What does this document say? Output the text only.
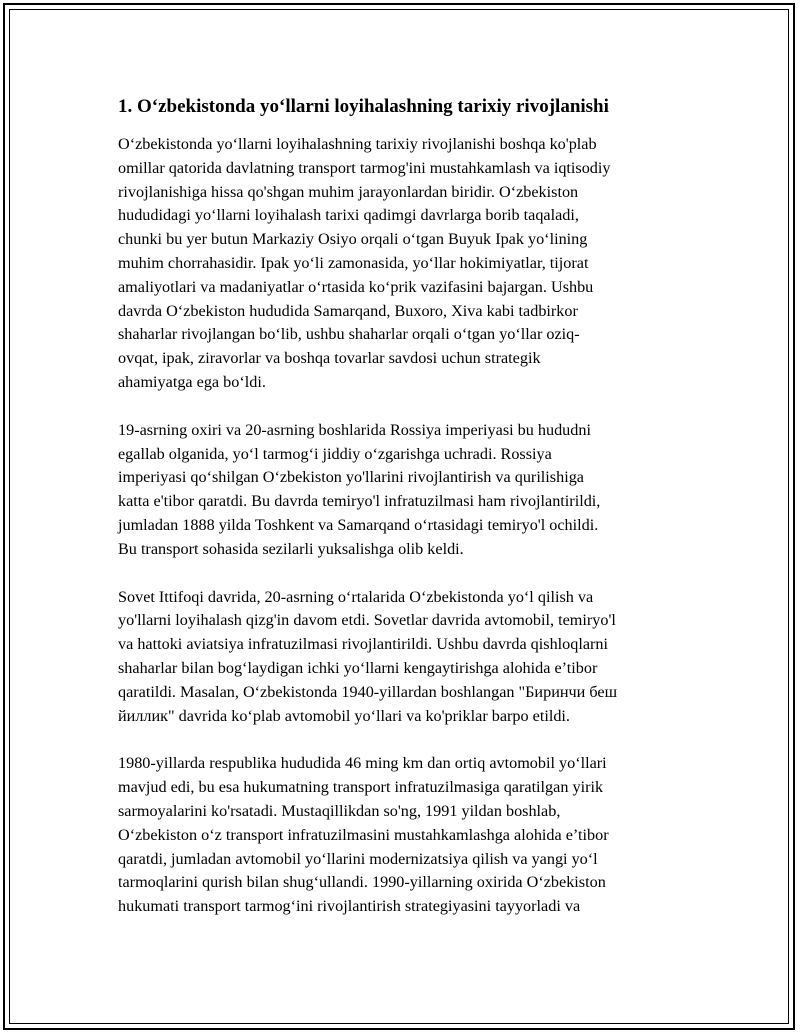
1. O‘zbekistonda yo‘llarni loyihalashning tarixiy rivojlanishi
O‘zbekistonda yo‘llarni loyihalashning tarixiy rivojlanishi boshqa ko'plab
omillar qatorida davlatning transport tarmog'ini mustahkamlash va iqtisodiy
rivojlanishiga hissa qo'shgan muhim jarayonlardan biridir. O‘zbekiston
hududidagi yo‘llarni loyihalash tarixi qadimgi davrlarga borib taqaladi,
chunki bu yer butun Markaziy Osiyo orqali o‘tgan Buyuk Ipak yo‘lining
muhim chorrahasidir. Ipak yo‘li zamonasida, yo‘llar hokimiyatlar, tijorat
amaliyotlari va madaniyatlar o‘rtasida ko‘prik vazifasini bajargan. Ushbu
davrda O‘zbekiston hududida Samarqand, Buxoro, Xiva kabi tadbirkor
shaharlar rivojlangan bo‘lib, ushbu shaharlar orqali o‘tgan yo‘llar oziq-
ovqat, ipak, ziravorlar va boshqa tovarlar savdosi uchun strategik
ahamiyatga ega bo‘ldi.
19-asrning oxiri va 20-asrning boshlarida Rossiya imperiyasi bu hududni
egallab olganida, yo‘l tarmog‘i jiddiy o‘zgarishga uchradi. Rossiya
imperiyasi qo‘shilgan O‘zbekiston yo'llarini rivojlantirish va qurilishiga
katta e'tibor qaratdi. Bu davrda temiryo'l infratuzilmasi ham rivojlantirildi,
jumladan 1888 yilda Toshkent va Samarqand o‘rtasidagi temiryo'l ochildi.
Bu transport sohasida sezilarli yuksalishga olib keldi.
Sovet Ittifoqi davrida, 20-asrning o‘rtalarida O‘zbekistonda yo‘l qilish va
yo'llarni loyihalash qizg'in davom etdi. Sovetlar davrida avtomobil, temiryo'l
va hattoki aviatsiya infratuzilmasi rivojlantirildi. Ushbu davrda qishloqlarni
shaharlar bilan bog‘laydigan ichki yo‘llarni kengaytirishga alohida e’tibor
qaratildi. Masalan, O‘zbekistonda 1940-yillardan boshlangan "Биринчи беш
йиллик" davrida ko‘plab avtomobil yo‘llari va ko'priklar barpo etildi.
1980-yillarda respublika hududida 46 ming km dan ortiq avtomobil yo‘llari
mavjud edi, bu esa hukumatning transport infratuzilmasiga qaratilgan yirik
sarmoyalarini ko'rsatadi. Mustaqillikdan so'ng, 1991 yildan boshlab,
O‘zbekiston o‘z transport infratuzilmasini mustahkamlashga alohida e’tibor
qaratdi, jumladan avtomobil yo‘llarini modernizatsiya qilish va yangi yo‘l
tarmoqlarini qurish bilan shug‘ullandi. 1990-yillarning oxirida O‘zbekiston
hukumati transport tarmog‘ini rivojlantirish strategiyasini tayyorladi va
